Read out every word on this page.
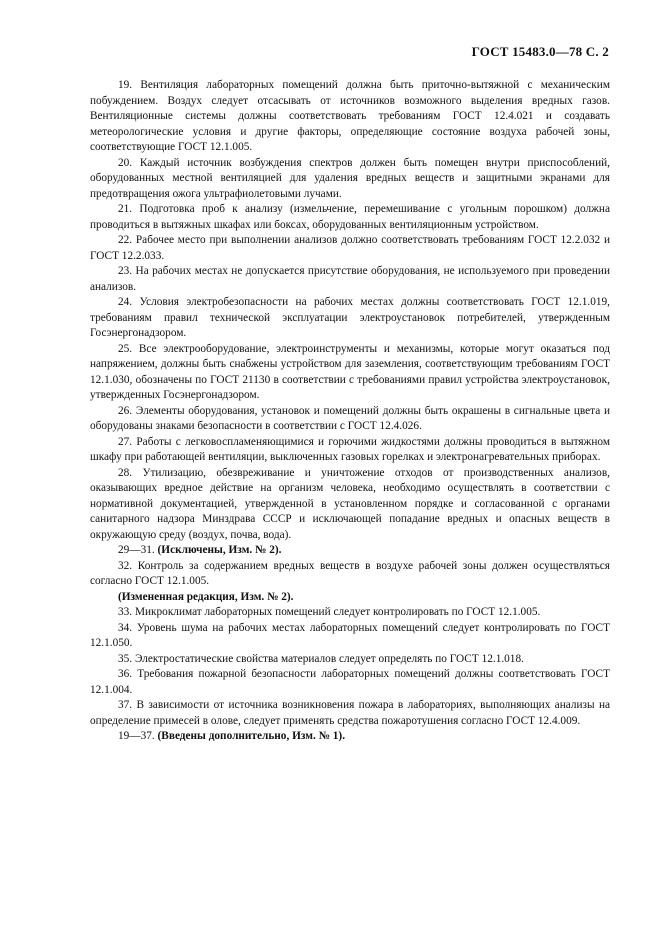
ГОСТ 15483.0—78 С. 2

19. Вентиляция лабораторных помещений должна быть приточно-вытяжной с механическим побуждением. Воздух следует отсасывать от источников возможного выделения вредных газов. Вентиляционные системы должны соответствовать требованиям ГОСТ 12.4.021 и создавать метеорологические условия и другие факторы, определяющие состояние воздуха рабочей зоны, соответствующие ГОСТ 12.1.005.

20. Каждый источник возбуждения спектров должен быть помещен внутри приспособлений, оборудованных местной вентиляцией для удаления вредных веществ и защитными экранами для предотвращения ожога ультрафиолетовыми лучами.

21. Подготовка проб к анализу (измельчение, перемешивание с угольным порошком) должна проводиться в вытяжных шкафах или боксах, оборудованных вентиляционным устройством.

22. Рабочее место при выполнении анализов должно соответствовать требованиям ГОСТ 12.2.032 и ГОСТ 12.2.033.

23. На рабочих местах не допускается присутствие оборудования, не используемого при проведении анализов.

24. Условия электробезопасности на рабочих местах должны соответствовать ГОСТ 12.1.019, требованиям правил технической эксплуатации электроустановок потребителей, утвержденным Госэнергонадзором.

25. Все электрооборудование, электроинструменты и механизмы, которые могут оказаться под напряжением, должны быть снабжены устройством для заземления, соответствующим требованиям ГОСТ 12.1.030, обозначены по ГОСТ 21130 в соответствии с требованиями правил устройства электроустановок, утвержденных Госэнергонадзором.

26. Элементы оборудования, установок и помещений должны быть окрашены в сигнальные цвета и оборудованы знаками безопасности в соответствии с ГОСТ 12.4.026.

27. Работы с легковоспламеняющимися и горючими жидкостями должны проводиться в вытяжном шкафу при работающей вентиляции, выключенных газовых горелках и электронагревательных приборах.

28. Утилизацию, обезвреживание и уничтожение отходов от производственных анализов, оказывающих вредное действие на организм человека, необходимо осуществлять в соответствии с нормативной документацией, утвержденной в установленном порядке и согласованной с органами санитарного надзора Минздрава СССР и исключающей попадание вредных и опасных веществ в окружающую среду (воздух, почва, вода).

29—31. (Исключены, Изм. № 2).

32. Контроль за содержанием вредных веществ в воздухе рабочей зоны должен осуществляться согласно ГОСТ 12.1.005.

(Измененная редакция, Изм. № 2).

33. Микроклимат лабораторных помещений следует контролировать по ГОСТ 12.1.005.

34. Уровень шума на рабочих местах лабораторных помещений следует контролировать по ГОСТ 12.1.050.

35. Электростатические свойства материалов следует определять по ГОСТ 12.1.018.

36. Требования пожарной безопасности лабораторных помещений должны соответствовать ГОСТ 12.1.004.

37. В зависимости от источника возникновения пожара в лабораториях, выполняющих анализы на определение примесей в олове, следует применять средства пожаротушения согласно ГОСТ 12.4.009.

19—37. (Введены дополнительно, Изм. № 1).
